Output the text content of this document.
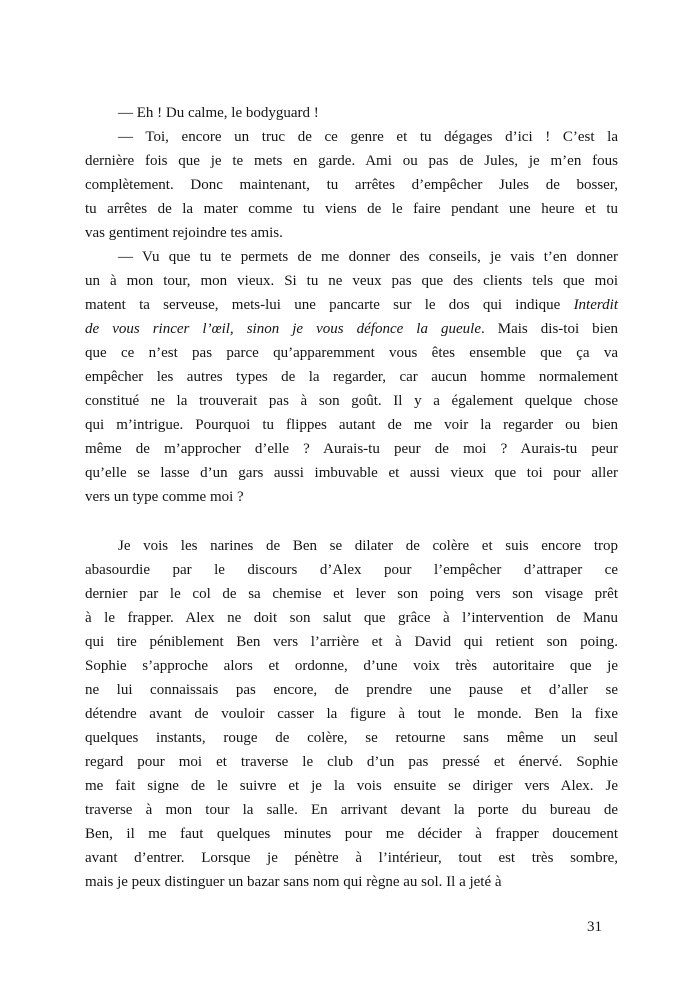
— Eh ! Du calme, le bodyguard !
— Toi, encore un truc de ce genre et tu dégages d’ici ! C’est la
dernière fois que je te mets en garde. Ami ou pas de Jules, je m’en fous
complètement. Donc maintenant, tu arrêtes d’empêcher Jules de bosser,
tu arrêtes de la mater comme tu viens de le faire pendant une heure et tu
vas gentiment rejoindre tes amis.
— Vu que tu te permets de me donner des conseils, je vais t’en donner
un à mon tour, mon vieux. Si tu ne veux pas que des clients tels que moi
matent ta serveuse, mets-lui une pancarte sur le dos qui indique Interdit
de vous rincer l’œil, sinon je vous défonce la gueule. Mais dis-toi bien
que ce n’est pas parce qu’apparemment vous êtes ensemble que ça va
empêcher les autres types de la regarder, car aucun homme normalement
constitué ne la trouverait pas à son goût. Il y a également quelque chose
qui m’intrigue. Pourquoi tu flippes autant de me voir la regarder ou bien
même de m’approcher d’elle ? Aurais-tu peur de moi ? Aurais-tu peur
qu’elle se lasse d’un gars aussi imbuvable et aussi vieux que toi pour aller
vers un type comme moi ?
Je vois les narines de Ben se dilater de colère et suis encore trop
abasourdie par le discours d’Alex pour l’empêcher d’attraper ce
dernier par le col de sa chemise et lever son poing vers son visage prêt
à le frapper. Alex ne doit son salut que grâce à l’intervention de Manu
qui tire péniblement Ben vers l’arrière et à David qui retient son poing.
Sophie s’approche alors et ordonne, d’une voix très autoritaire que je
ne lui connaissais pas encore, de prendre une pause et d’aller se
détendre avant de vouloir casser la figure à tout le monde. Ben la fixe
quelques instants, rouge de colère, se retourne sans même un seul
regard pour moi et traverse le club d’un pas pressé et énervé. Sophie
me fait signe de le suivre et je la vois ensuite se diriger vers Alex. Je
traverse à mon tour la salle. En arrivant devant la porte du bureau de
Ben, il me faut quelques minutes pour me décider à frapper doucement
avant d’entrer. Lorsque je pénètre à l’intérieur, tout est très sombre,
mais je peux distinguer un bazar sans nom qui règne au sol. Il a jeté à
31
